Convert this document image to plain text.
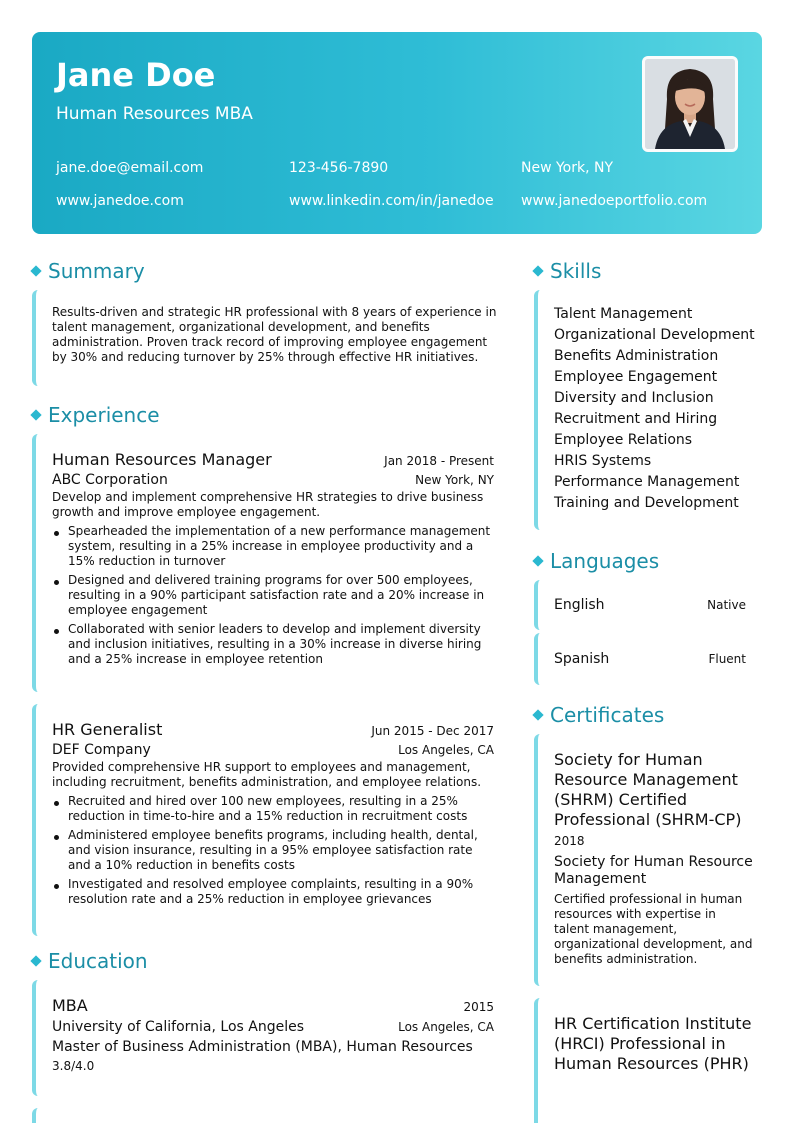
Jane Doe
Human Resources MBA
jane.doe@email.com	123-456-7890	New York, NY
www.janedoe.com	www.linkedin.com/in/janedoe www.janedoeportfolio.com
Summary
Results-driven and strategic HR professional with 8 years of experience in talent management, organizational development, and benefits administration. Proven track record of improving employee engagement by 30% and reducing turnover by 25% through effective HR initiatives.
Experience
Human Resources Manager	Jan 2018 - Present
ABC Corporation	New York, NY
Develop and implement comprehensive HR strategies to drive business growth and improve employee engagement.
Spearheaded the implementation of a new performance management system, resulting in a 25% increase in employee productivity and a 15% reduction in turnover
Designed and delivered training programs for over 500 employees, resulting in a 90% participant satisfaction rate and a 20% increase in employee engagement
Collaborated with senior leaders to develop and implement diversity and inclusion initiatives, resulting in a 30% increase in diverse hiring and a 25% increase in employee retention
HR Generalist	Jun 2015 - Dec 2017
DEF Company	Los Angeles, CA
Provided comprehensive HR support to employees and management, including recruitment, benefits administration, and employee relations.
Recruited and hired over 100 new employees, resulting in a 25% reduction in time-to-hire and a 15% reduction in recruitment costs
Administered employee benefits programs, including health, dental, and vision insurance, resulting in a 95% employee satisfaction rate and a 10% reduction in benefits costs
Investigated and resolved employee complaints, resulting in a 90% resolution rate and a 25% reduction in employee grievances
Education
MBA	2015
University of California, Los Angeles	Los Angeles, CA
Master of Business Administration (MBA), Human Resources
3.8/4.0
Skills
Talent Management
Organizational Development
Benefits Administration
Employee Engagement
Diversity and Inclusion
Recruitment and Hiring
Employee Relations
HRIS Systems
Performance Management
Training and Development
Languages
English	Native
Spanish	Fluent
Certificates
Society for Human Resource Management (SHRM) Certified Professional (SHRM-CP)
2018
Society for Human Resource Management
Certified professional in human resources with expertise in talent management, organizational development, and benefits administration.
HR Certification Institute (HRCI) Professional in Human Resources (PHR)
